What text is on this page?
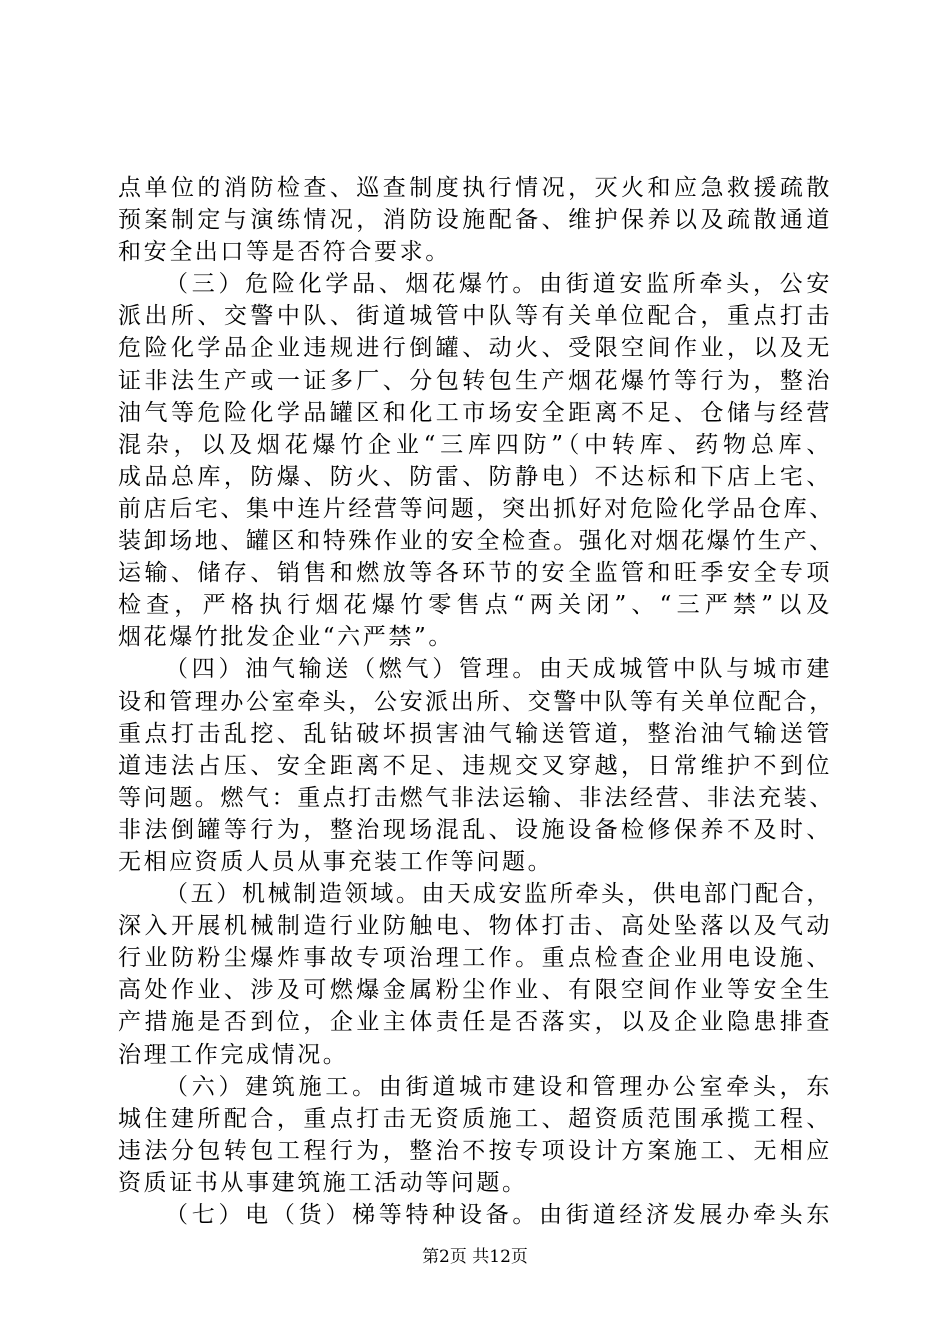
点单位的消防检查、巡查制度执行情况，灭火和应急救援疏散
预案制定与演练情况，消防设施配备、维护保养以及疏散通道
和安全出口等是否符合要求。
（三）危险化学品、烟花爆竹。由街道安监所牵头，公安
派出所、交警中队、街道城管中队等有关单位配合，重点打击
危险化学品企业违规进行倒罐、动火、受限空间作业，以及无
证非法生产或一证多厂、分包转包生产烟花爆竹等行为，整治
油气等危险化学品罐区和化工市场安全距离不足、仓储与经营
混杂，以及烟花爆竹企业“三库四防”（中转库、药物总库、
成品总库，防爆、防火、防雷、防静电）不达标和下店上宅、
前店后宅、集中连片经营等问题，突出抓好对危险化学品仓库、
装卸场地、罐区和特殊作业的安全检查。强化对烟花爆竹生产、
运输、储存、销售和燃放等各环节的安全监管和旺季安全专项
检查，严格执行烟花爆竹零售点“两关闭”、“三严禁”以及
烟花爆竹批发企业“六严禁”。
（四）油气输送（燃气）管理。由天成城管中队与城市建
设和管理办公室牵头，公安派出所、交警中队等有关单位配合，
重点打击乱挖、乱钻破坏损害油气输送管道，整治油气输送管
道违法占压、安全距离不足、违规交叉穿越，日常维护不到位
等问题。燃气：重点打击燃气非法运输、非法经营、非法充装、
非法倒罐等行为，整治现场混乱、设施设备检修保养不及时、
无相应资质人员从事充装工作等问题。
（五）机械制造领域。由天成安监所牵头，供电部门配合，
深入开展机械制造行业防触电、物体打击、高处坠落以及气动
行业防粉尘爆炸事故专项治理工作。重点检查企业用电设施、
高处作业、涉及可燃爆金属粉尘作业、有限空间作业等安全生
产措施是否到位，企业主体责任是否落实，以及企业隐患排查
治理工作完成情况。
（六）建筑施工。由街道城市建设和管理办公室牵头，东
城住建所配合，重点打击无资质施工、超资质范围承揽工程、
违法分包转包工程行为，整治不按专项设计方案施工、无相应
资质证书从事建筑施工活动等问题。
（七）电（货）梯等特种设备。由街道经济发展办牵头东
第2页 共12页
